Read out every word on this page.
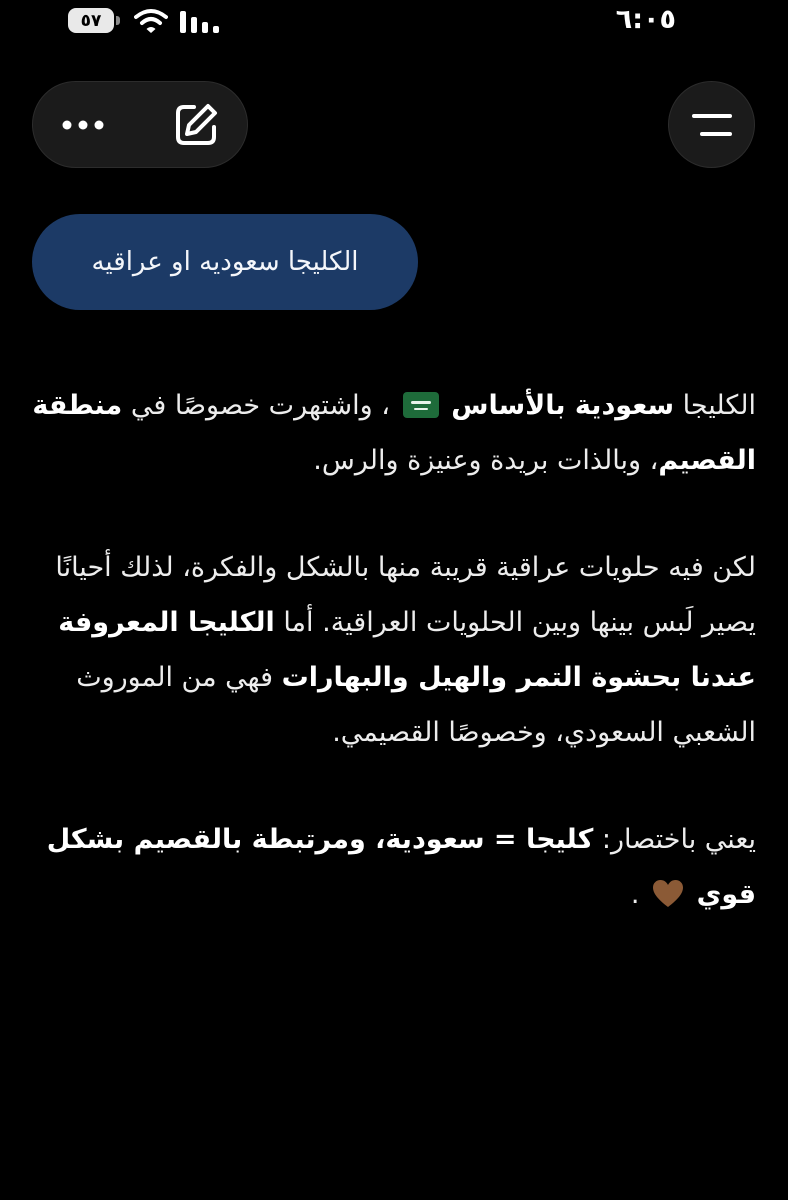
٥٧	٦:٠٥
الكليجا سعوديه او عراقيه

الكليجا سعودية بالأساس  ، واشتهرت خصوصًا في منطقة القصيم، وبالذات بريدة وعنيزة والرس.

لكن فيه حلويات عراقية قريبة منها بالشكل والفكرة، لذلك أحيانًا يصير لَبس بينها وبين الحلويات العراقية. أما الكليجا المعروفة عندنا بحشوة التمر والهيل والبهارات فهي من الموروث الشعبي السعودي، وخصوصًا القصيمي.

يعني باختصار: كليجا = سعودية، ومرتبطة بالقصيم بشكل قوي  .
